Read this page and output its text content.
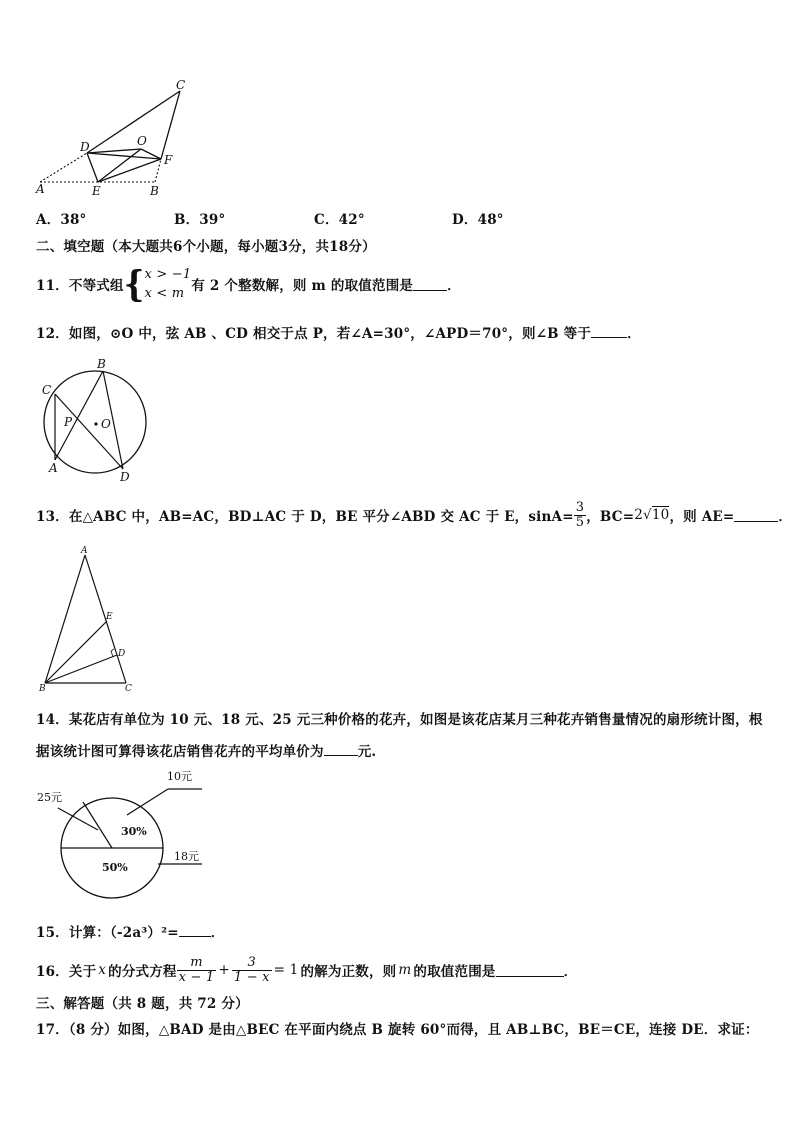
C
D	O
F
A	E	B
A．38°	B．39°	C．42°	D．48°
二、填空题（本大题共6个小题，每小题3分，共18分）
11．不等式组 { x > −1
x < m 有 2 个整数解，则 m 的取值范围是	．
12．如图，⊙O 中，弦 AB 、CD 相交于点 P，若∠A=30°，∠APD＝70°，则∠B 等于	．
B
C
P O
A
D
13．在△ABC 中，AB=AC，BD⊥AC 于 D，BE 平分∠ABD 交 AC 于 E，$\sin A= \frac{3}{5}$ ，BC= 2√10 ，则 AE=	．
A
E
D
B	C
14．某花店有单位为 10 元、18 元、25 元三种价格的花卉，如图是该花店某月三种花卉销售量情况的扇形统计图，根
据该统计图可算得该花店销售花卉的平均单价为	元.
10元
25元
18元
30%
50%
15．计算：（-2a³）²= ．
16．关于 x 的分式方程 $\frac{m}{x - 1} + \frac{3}{1 - x} = 1$ 的解为正数，则 m 的取值范围是	．
三、解答题（共 8 题，共 72 分）
17．（8 分）如图，△BAD 是由△BEC 在平面内绕点 B 旋转 60°而得，且 AB⊥BC，BE＝CE，连接 DE．求证：
